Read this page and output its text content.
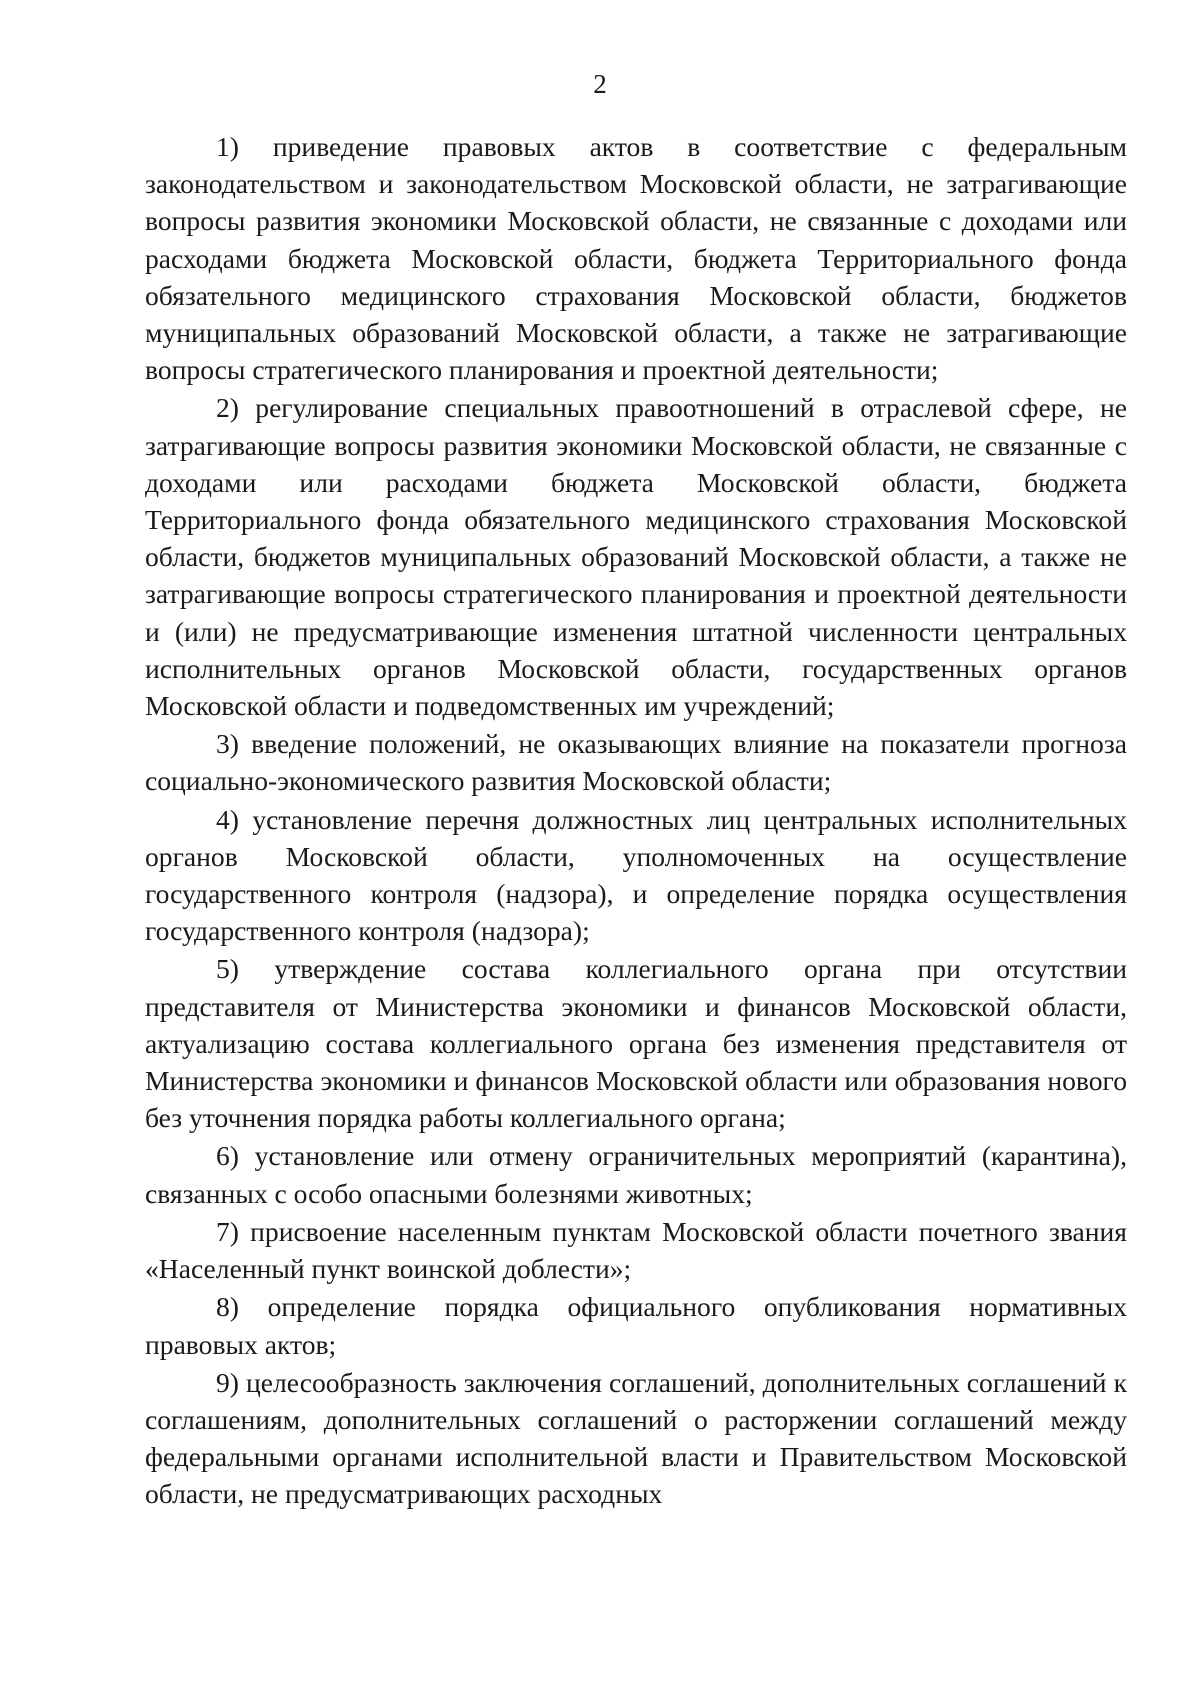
2

1) приведение правовых актов в соответствие с федеральным законодательством и законодательством Московской области, не затрагивающие вопросы развития экономики Московской области, не связанные с доходами или расходами бюджета Московской области, бюджета Территориального фонда обязательного медицинского страхования Московской области, бюджетов муниципальных образований Московской области, а также не затрагивающие вопросы стратегического планирования и проектной деятельности;

2) регулирование специальных правоотношений в отраслевой сфере, не затрагивающие вопросы развития экономики Московской области, не связанные с доходами или расходами бюджета Московской области, бюджета Территориального фонда обязательного медицинского страхования Московской области, бюджетов муниципальных образований Московской области, а также не затрагивающие вопросы стратегического планирования и проектной деятельности и (или) не предусматривающие изменения штатной численности центральных исполнительных органов Московской области, государственных органов Московской области и подведомственных им учреждений;

3) введение положений, не оказывающих влияние на показатели прогноза социально-экономического развития Московской области;

4) установление перечня должностных лиц центральных исполнительных органов Московской области, уполномоченных на осуществление государственного контроля (надзора), и определение порядка осуществления государственного контроля (надзора);

5) утверждение состава коллегиального органа при отсутствии представителя от Министерства экономики и финансов Московской области, актуализацию состава коллегиального органа без изменения представителя от Министерства экономики и финансов Московской области или образования нового без уточнения порядка работы коллегиального органа;

6) установление или отмену ограничительных мероприятий (карантина), связанных с особо опасными болезнями животных;

7) присвоение населенным пунктам Московской области почетного звания «Населенный пункт воинской доблести»;

8) определение порядка официального опубликования нормативных правовых актов;

9) целесообразность заключения соглашений, дополнительных соглашений к соглашениям, дополнительных соглашений о расторжении соглашений между федеральными органами исполнительной власти и Правительством Московской области, не предусматривающих расходных
